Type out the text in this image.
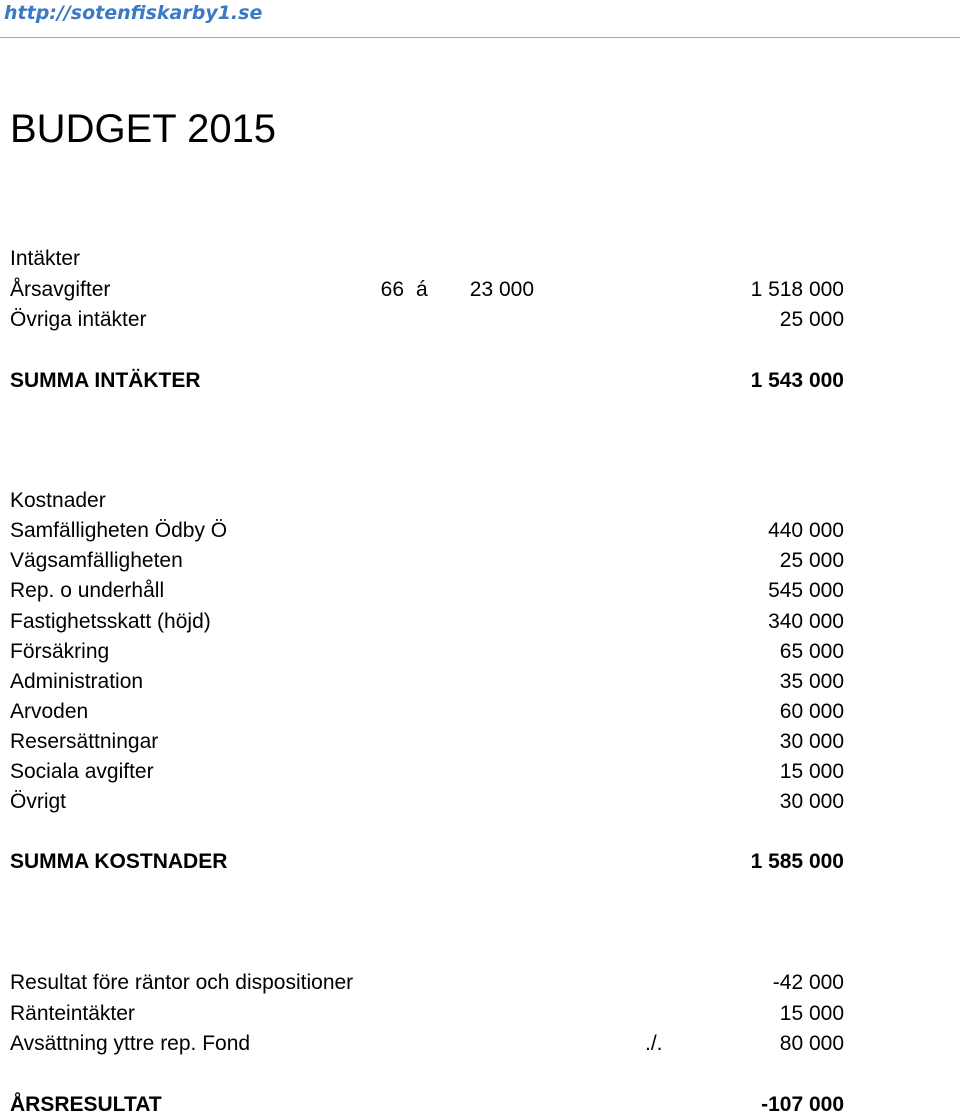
http://sotenfiskarby1.se
BUDGET 2015
Intäkter
Årsavgifter	66 á 23 000	1 518 000
Övriga intäkter	25 000
SUMMA INTÄKTER	1 543 000
Kostnader
Samfälligheten Ödby Ö	440 000
Vägsamfälligheten	25 000
Rep. o underhåll	545 000
Fastighetsskatt (höjd)	340 000
Försäkring	65 000
Administration	35 000
Arvoden	60 000
Resersättningar	30 000
Sociala avgifter	15 000
Övrigt	30 000
SUMMA KOSTNADER	1 585 000
Resultat före räntor och dispositioner	-42 000
Ränteintäkter	15 000
Avsättning yttre rep. Fond	./.	80 000
ÅRSRESULTAT	-107 000
